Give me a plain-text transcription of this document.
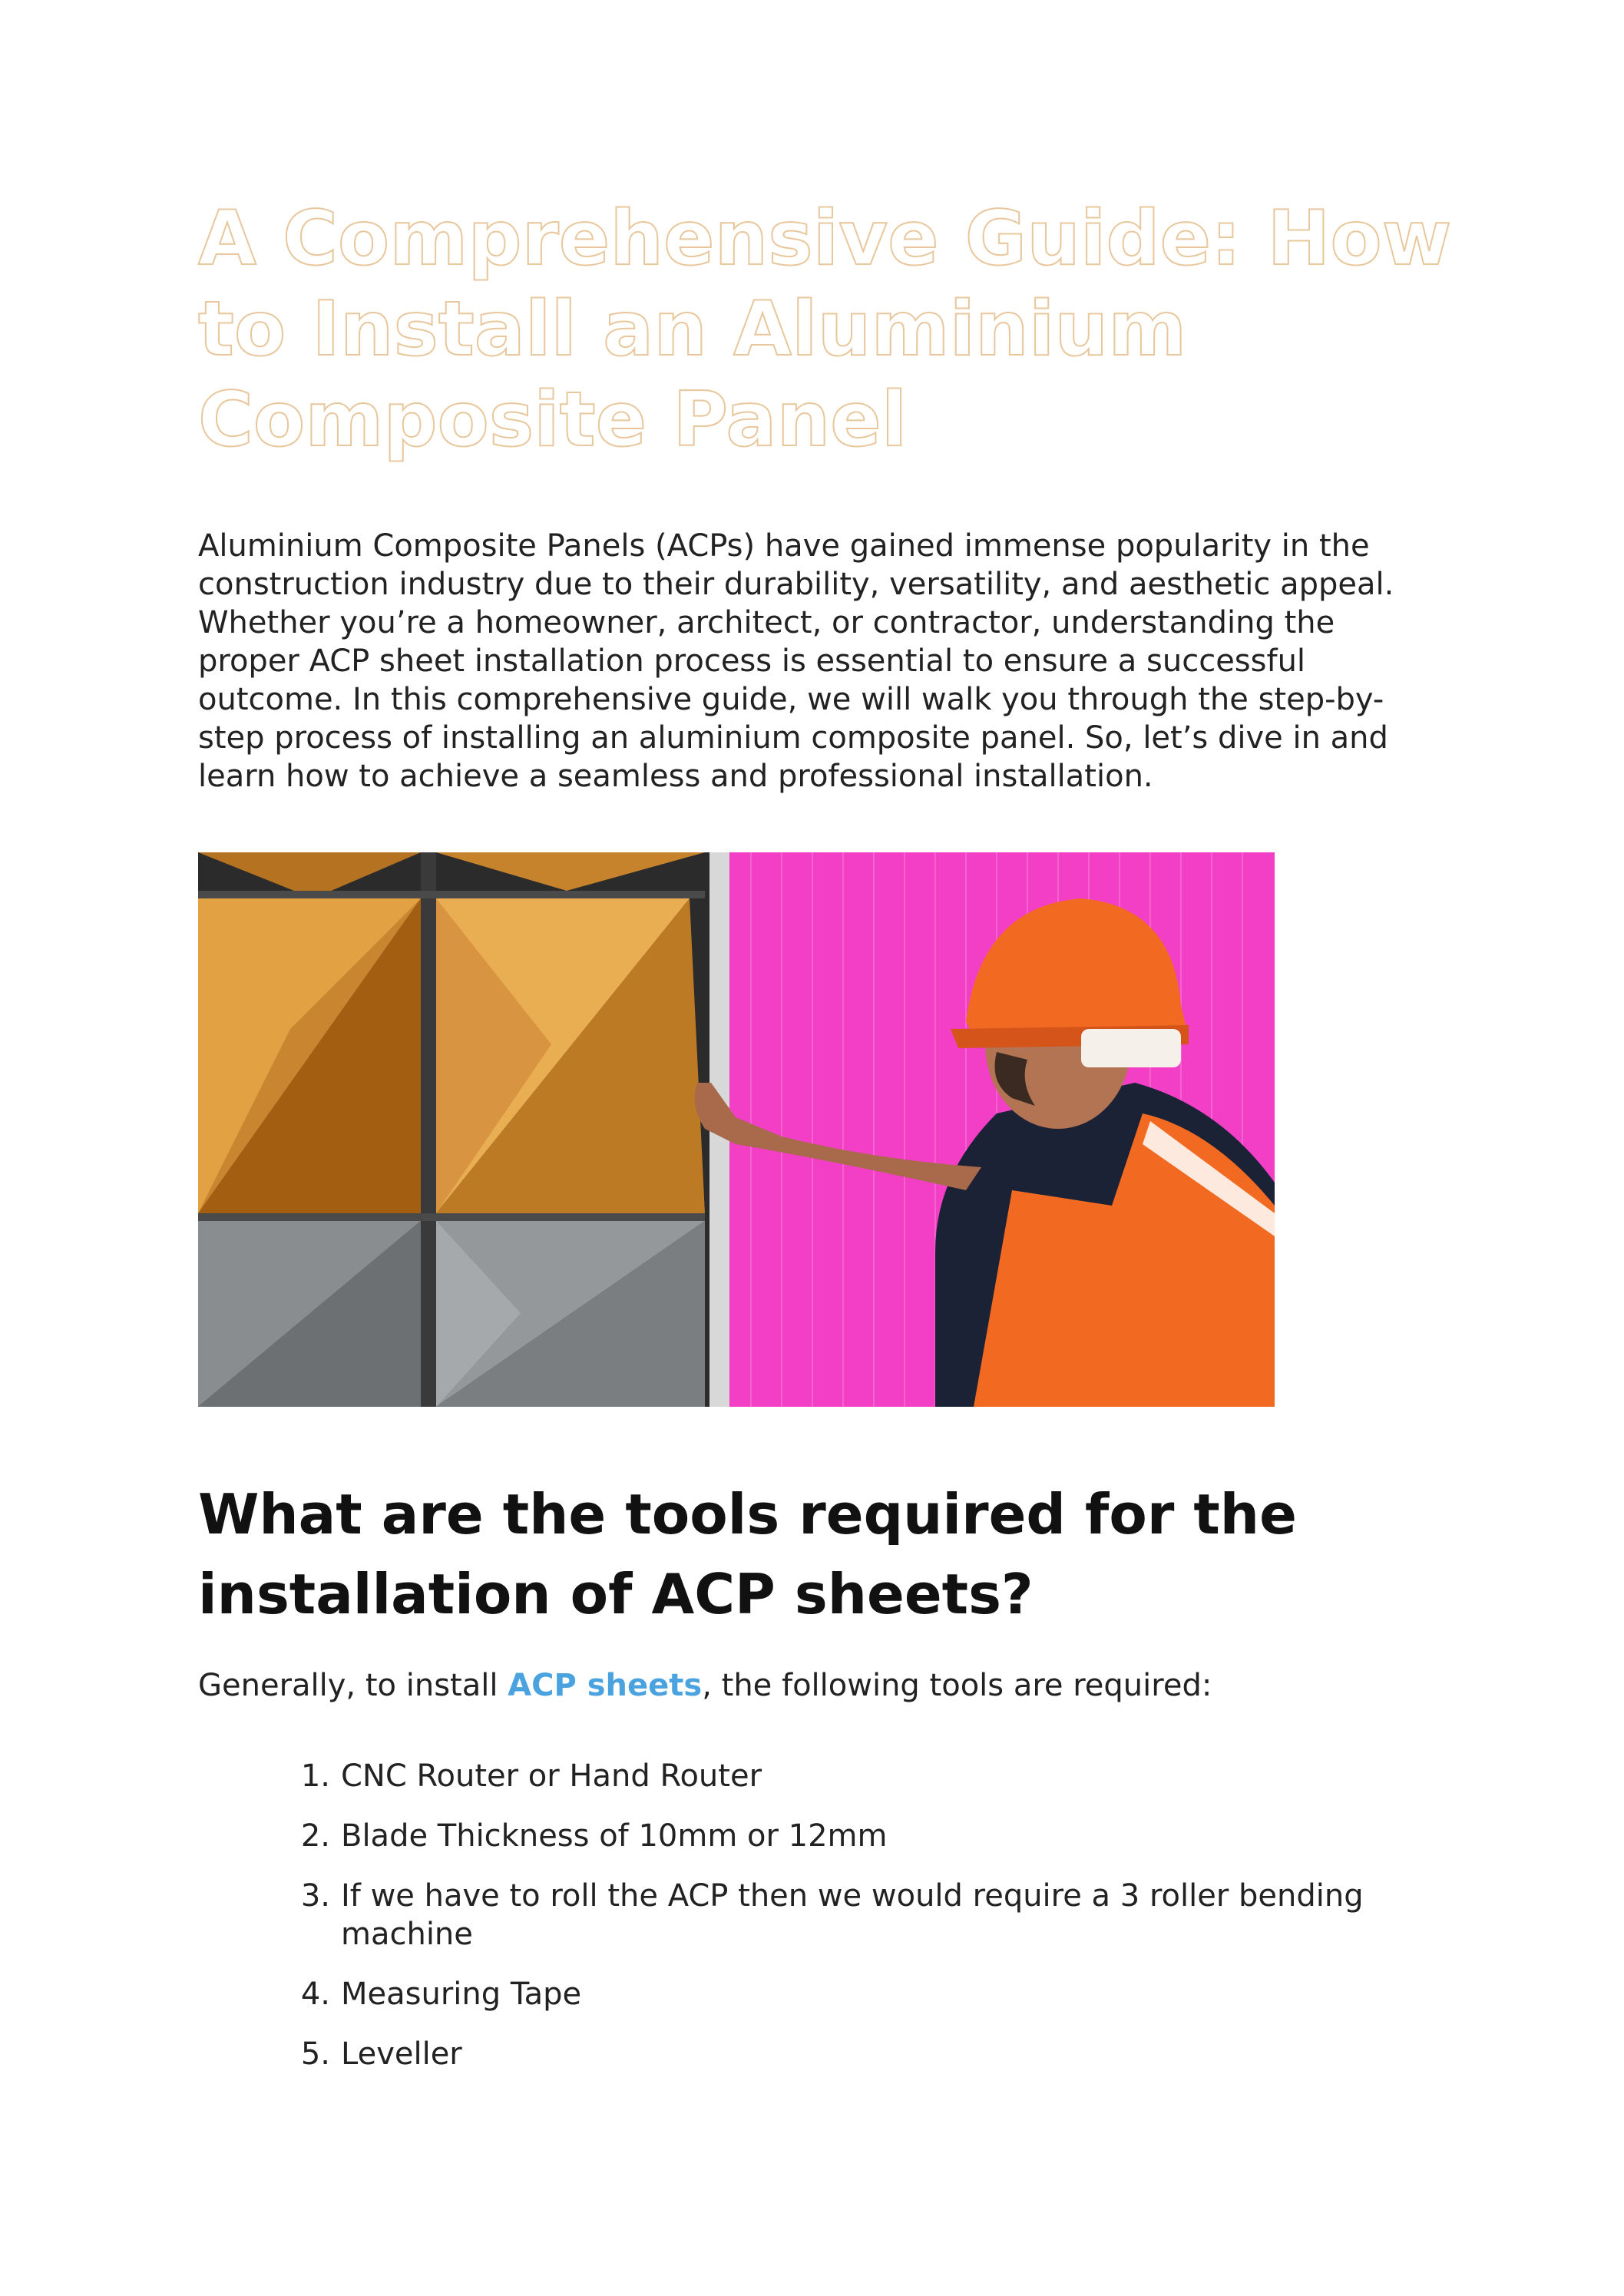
A Comprehensive Guide: How to Install an Aluminium Composite Panel

Aluminium Composite Panels (ACPs) have gained immense popularity in the construction industry due to their durability, versatility, and aesthetic appeal. Whether you’re a homeowner, architect, or contractor, understanding the proper ACP sheet installation process is essential to ensure a successful outcome. In this comprehensive guide, we will walk you through the step-by-step process of installing an aluminium composite panel. So, let’s dive in and learn how to achieve a seamless and professional installation.

What are the tools required for the installation of ACP sheets?

Generally, to install ACP sheets, the following tools are required:

1. CNC Router or Hand Router
2. Blade Thickness of 10mm or 12mm
3. If we have to roll the ACP then we would require a 3 roller bending machine
4. Measuring Tape
5. Leveller
